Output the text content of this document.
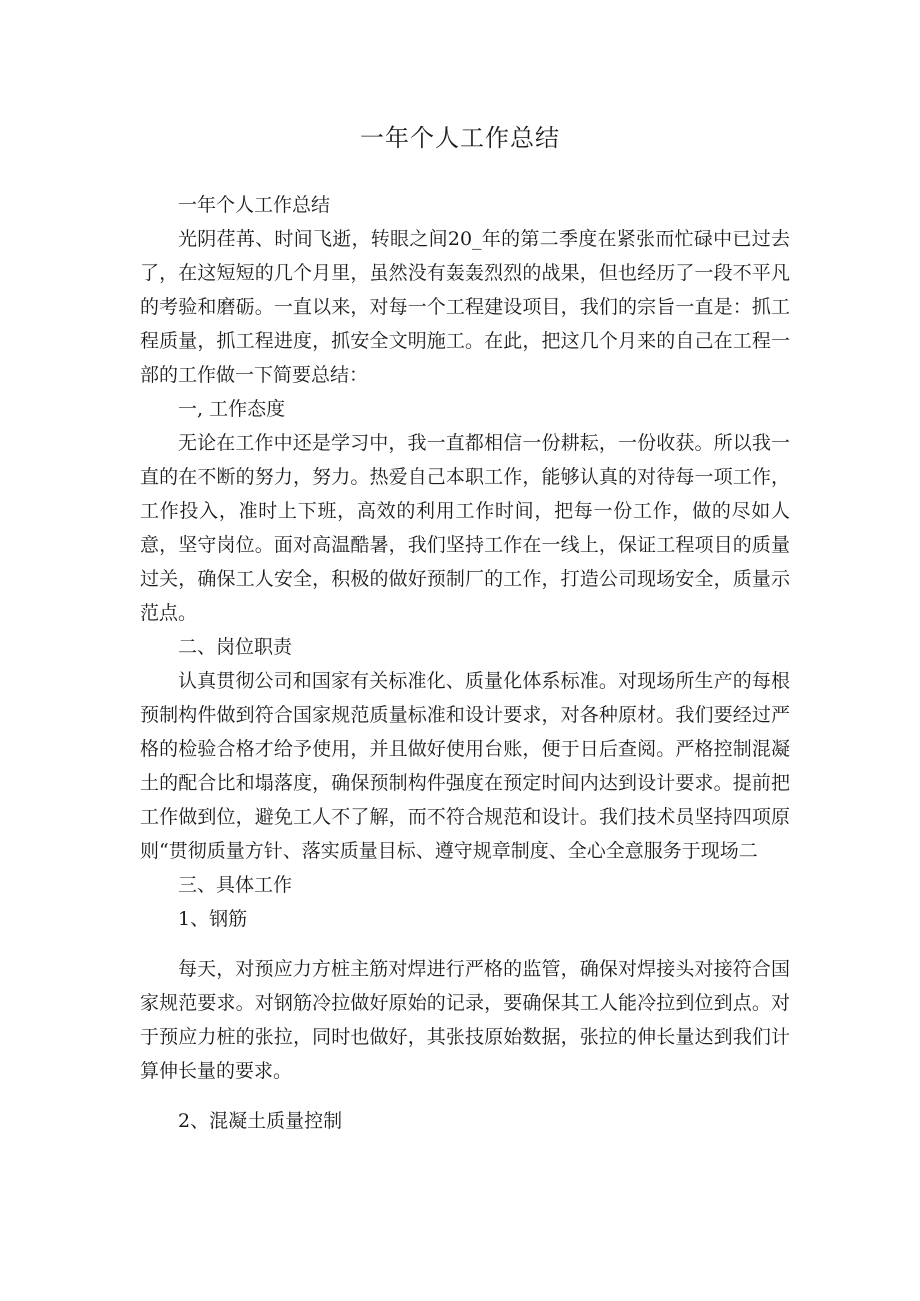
一年个人工作总结

一年个人工作总结

光阴荏苒、时间飞逝，转眼之间20_年的第二季度在紧张而忙碌中已过去了，在这短短的几个月里，虽然没有轰轰烈烈的战果，但也经历了一段不平凡的考验和磨砺。一直以来，对每一个工程建设项目，我们的宗旨一直是：抓工程质量，抓工程进度，抓安全文明施工。在此，把这几个月来的自己在工程一部的工作做一下简要总结：

一, 工作态度

无论在工作中还是学习中，我一直都相信一份耕耘，一份收获。所以我一直的在不断的努力，努力。热爱自己本职工作，能够认真的对待每一项工作，工作投入，准时上下班，高效的利用工作时间，把每一份工作，做的尽如人意，坚守岗位。面对高温酷暑，我们坚持工作在一线上，保证工程项目的质量过关，确保工人安全，积极的做好预制厂的工作，打造公司现场安全，质量示范点。

二、岗位职责

认真贯彻公司和国家有关标准化、质量化体系标准。对现场所生产的每根预制构件做到符合国家规范质量标准和设计要求，对各种原材。我们要经过严格的检验合格才给予使用，并且做好使用台账，便于日后查阅。严格控制混凝土的配合比和塌落度，确保预制构件强度在预定时间内达到设计要求。提前把工作做到位，避免工人不了解，而不符合规范和设计。我们技术员坚持四项原则“贯彻质量方针、落实质量目标、遵守规章制度、全心全意服务于现场二

三、具体工作

1、钢筋

每天，对预应力方桩主筋对焊进行严格的监管，确保对焊接头对接符合国家规范要求。对钢筋冷拉做好原始的记录，要确保其工人能冷拉到位到点。对于预应力桩的张拉，同时也做好，其张技原始数据，张拉的伸长量达到我们计算伸长量的要求。

2、混凝土质量控制
